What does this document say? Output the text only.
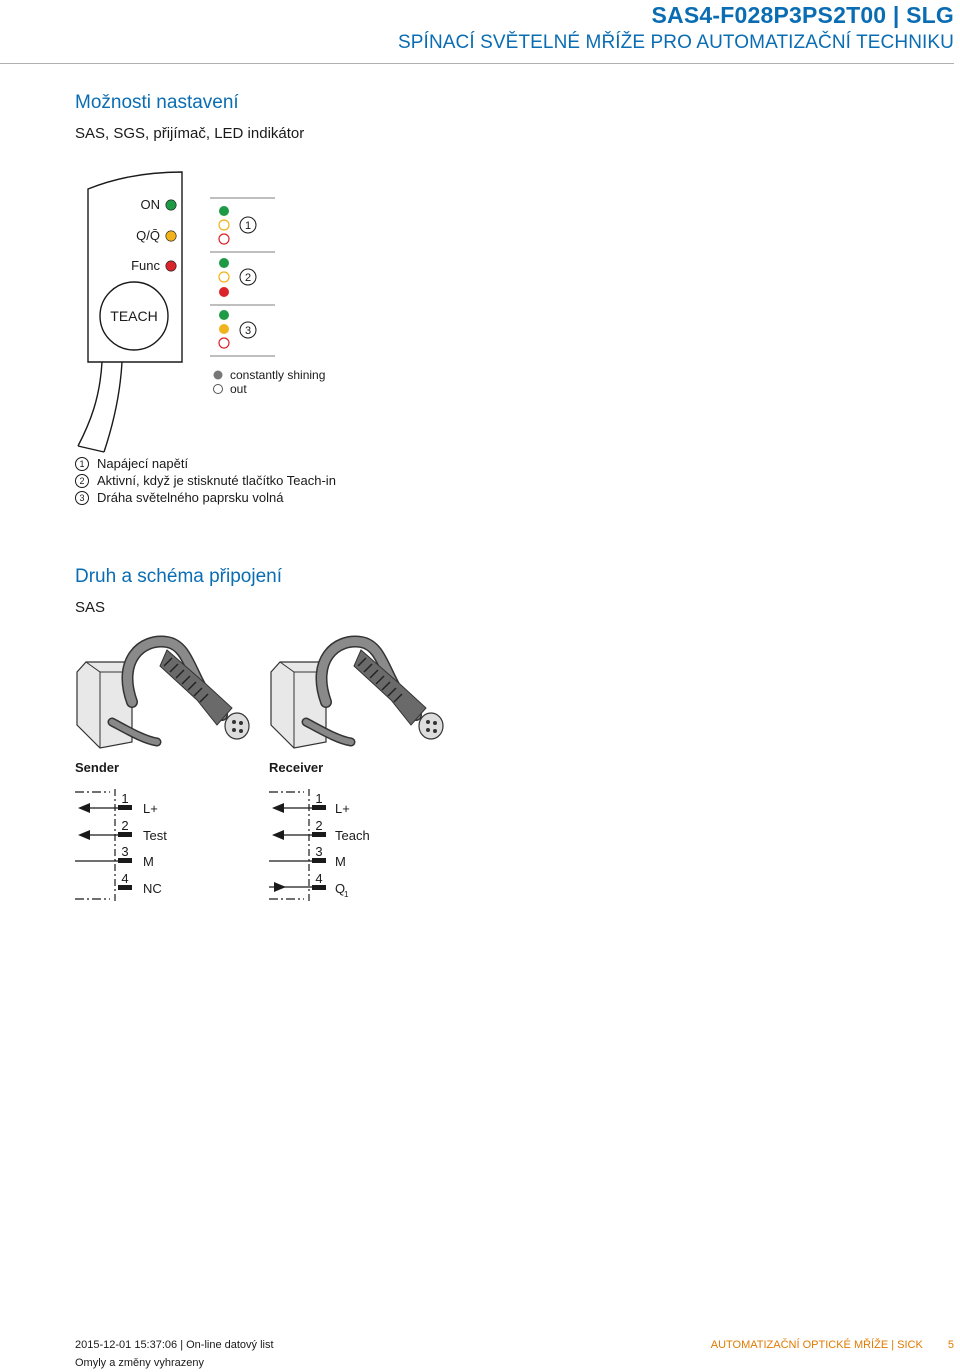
SAS4-F028P3PS2T00 | SLG
SPÍNACÍ SVĚTELNÉ MŘÍŽE PRO AUTOMATIZAČNÍ TECHNIKU
Možnosti nastavení
SAS, SGS, přijímač, LED indikátor
ON
Q/Q̄
Func
TEACH
1
2
3
constantly shining
out
1 Napájecí napětí
2 Aktivní, když je stisknuté tlačítko Teach-in
3 Dráha světelného paprsku volná
Druh a schéma připojení
SAS
Sender
1
L+
2
Test
3
M
4
NC
Receiver
1
L+
2
Teach
3
M
4
Q
1
2015-12-01 15:37:06 | On-line datový list
Omyly a změny vyhrazeny
AUTOMATIZAČNÍ OPTICKÉ MŘÍŽE | SICK 5
